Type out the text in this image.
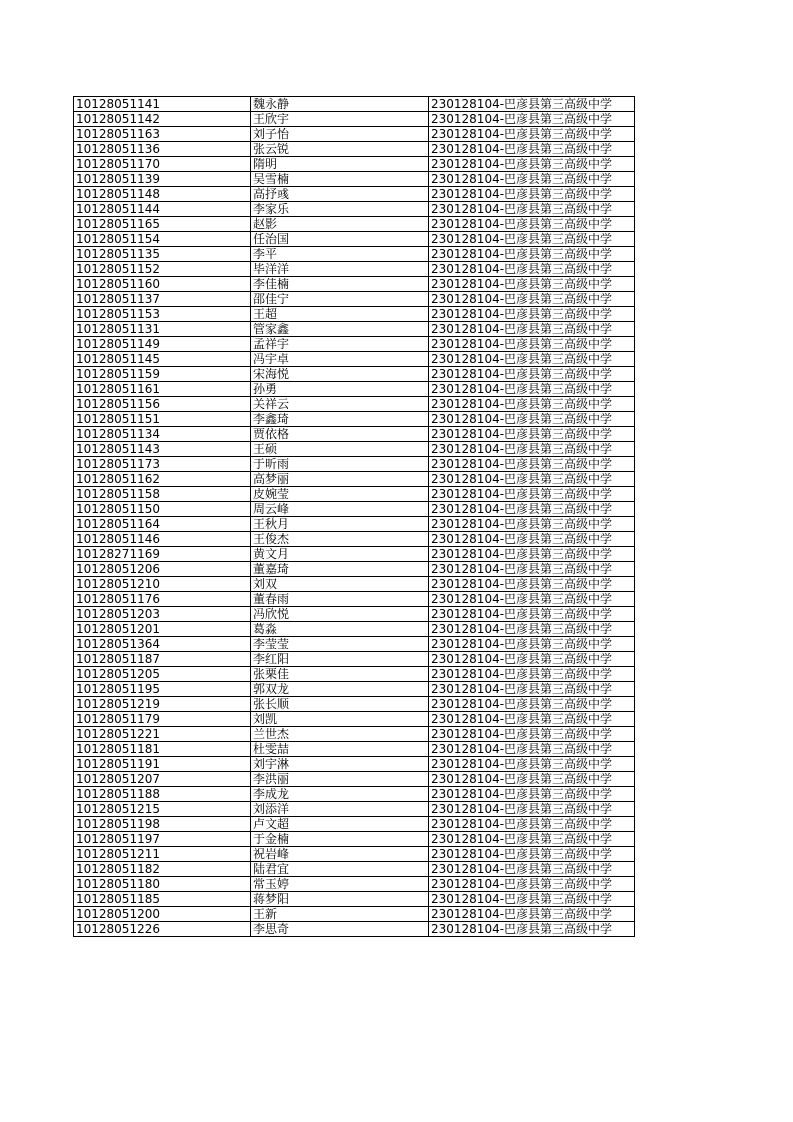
10128051141	魏永静	230128104-巴彦县第三高级中学
10128051142	王欣宇	230128104-巴彦县第三高级中学
10128051163	刘子怡	230128104-巴彦县第三高级中学
10128051136	张云锐	230128104-巴彦县第三高级中学
10128051170	隋明	230128104-巴彦县第三高级中学
10128051139	吴雪楠	230128104-巴彦县第三高级中学
10128051148	高抒彧	230128104-巴彦县第三高级中学
10128051144	李家乐	230128104-巴彦县第三高级中学
10128051165	赵影	230128104-巴彦县第三高级中学
10128051154	任治国	230128104-巴彦县第三高级中学
10128051135	李平	230128104-巴彦县第三高级中学
10128051152	毕洋洋	230128104-巴彦县第三高级中学
10128051160	李佳楠	230128104-巴彦县第三高级中学
10128051137	邵佳宁	230128104-巴彦县第三高级中学
10128051153	王超	230128104-巴彦县第三高级中学
10128051131	管家鑫	230128104-巴彦县第三高级中学
10128051149	孟祥宇	230128104-巴彦县第三高级中学
10128051145	冯宇卓	230128104-巴彦县第三高级中学
10128051159	宋海悦	230128104-巴彦县第三高级中学
10128051161	孙勇	230128104-巴彦县第三高级中学
10128051156	关祥云	230128104-巴彦县第三高级中学
10128051151	李鑫琦	230128104-巴彦县第三高级中学
10128051134	贾依格	230128104-巴彦县第三高级中学
10128051143	王硕	230128104-巴彦县第三高级中学
10128051173	于昕雨	230128104-巴彦县第三高级中学
10128051162	高梦丽	230128104-巴彦县第三高级中学
10128051158	皮婉莹	230128104-巴彦县第三高级中学
10128051150	周云峰	230128104-巴彦县第三高级中学
10128051164	王秋月	230128104-巴彦县第三高级中学
10128051146	王俊杰	230128104-巴彦县第三高级中学
10128271169	黄文月	230128104-巴彦县第三高级中学
10128051206	董嘉琦	230128104-巴彦县第三高级中学
10128051210	刘双	230128104-巴彦县第三高级中学
10128051176	董春雨	230128104-巴彦县第三高级中学
10128051203	冯欣悦	230128104-巴彦县第三高级中学
10128051201	葛淼	230128104-巴彦县第三高级中学
10128051364	李莹莹	230128104-巴彦县第三高级中学
10128051187	李红阳	230128104-巴彦县第三高级中学
10128051205	张栗佳	230128104-巴彦县第三高级中学
10128051195	郭双龙	230128104-巴彦县第三高级中学
10128051219	张长顺	230128104-巴彦县第三高级中学
10128051179	刘凯	230128104-巴彦县第三高级中学
10128051221	兰世杰	230128104-巴彦县第三高级中学
10128051181	杜雯喆	230128104-巴彦县第三高级中学
10128051191	刘宇淋	230128104-巴彦县第三高级中学
10128051207	李洪丽	230128104-巴彦县第三高级中学
10128051188	李成龙	230128104-巴彦县第三高级中学
10128051215	刘添洋	230128104-巴彦县第三高级中学
10128051198	卢文超	230128104-巴彦县第三高级中学
10128051197	于金楠	230128104-巴彦县第三高级中学
10128051211	祝岩峰	230128104-巴彦县第三高级中学
10128051182	陆君宜	230128104-巴彦县第三高级中学
10128051180	常玉婷	230128104-巴彦县第三高级中学
10128051185	蒋梦阳	230128104-巴彦县第三高级中学
10128051200	王新	230128104-巴彦县第三高级中学
10128051226	李思奇	230128104-巴彦县第三高级中学
